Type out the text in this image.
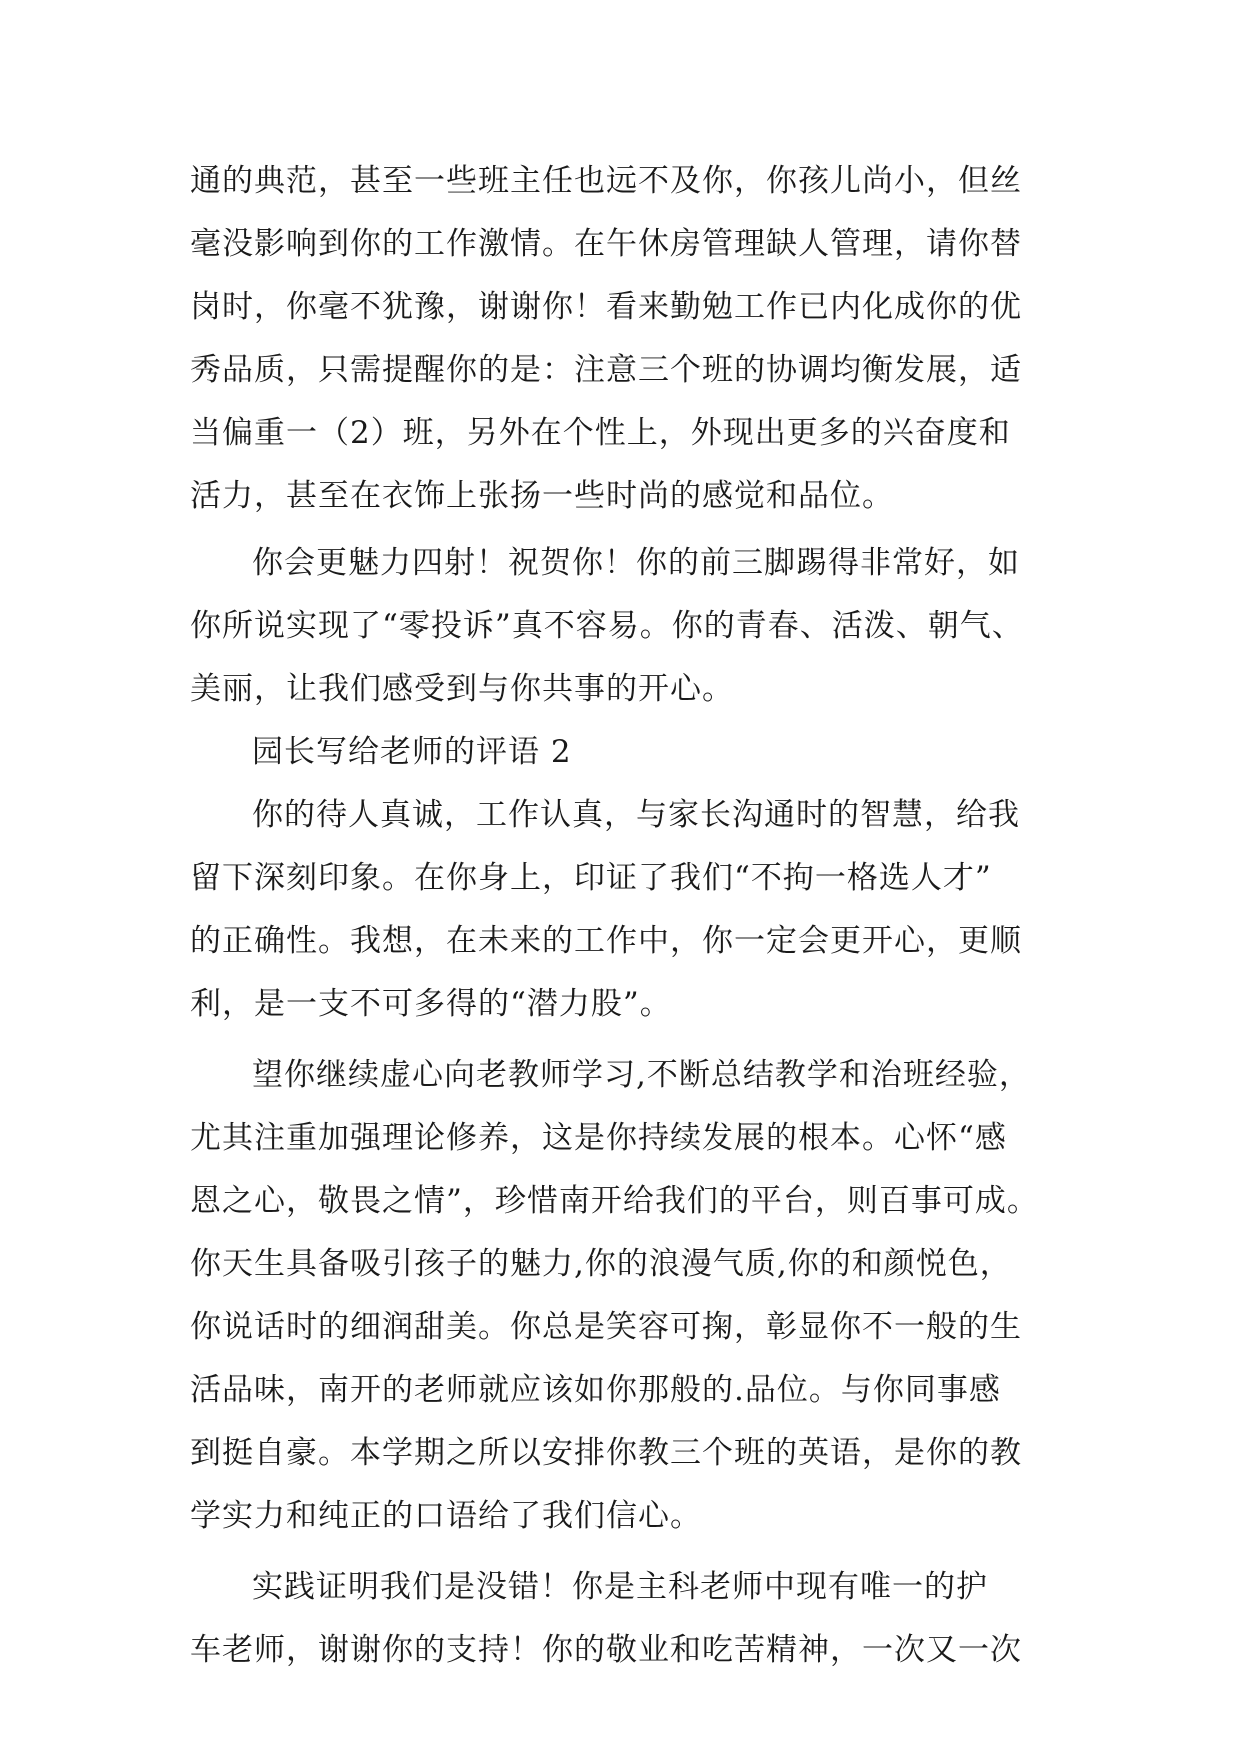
通的典范，甚至一些班主任也远不及你，你孩儿尚小，但丝
毫没影响到你的工作激情。在午休房管理缺人管理，请你替
岗时，你毫不犹豫，谢谢你！看来勤勉工作已内化成你的优
秀品质，只需提醒你的是：注意三个班的协调均衡发展，适
当偏重一（2）班，另外在个性上，外现出更多的兴奋度和
活力，甚至在衣饰上张扬一些时尚的感觉和品位。
你会更魅力四射！祝贺你！你的前三脚踢得非常好，如
你所说实现了“零投诉”真不容易。你的青春、活泼、朝气、
美丽，让我们感受到与你共事的开心。
园长写给老师的评语 2
你的待人真诚，工作认真，与家长沟通时的智慧，给我
留下深刻印象。在你身上，印证了我们“不拘一格选人才”
的正确性。我想，在未来的工作中，你一定会更开心，更顺
利，是一支不可多得的“潜力股”。
望你继续虚心向老教师学习,不断总结教学和治班经验，
尤其注重加强理论修养，这是你持续发展的根本。心怀“感
恩之心，敬畏之情”，珍惜南开给我们的平台，则百事可成。
你天生具备吸引孩子的魅力,你的浪漫气质,你的和颜悦色，
你说话时的细润甜美。你总是笑容可掬，彰显你不一般的生
活品味，南开的老师就应该如你那般的.品位。与你同事感
到挺自豪。本学期之所以安排你教三个班的英语，是你的教
学实力和纯正的口语给了我们信心。
实践证明我们是没错！你是主科老师中现有唯一的护
车老师，谢谢你的支持！你的敬业和吃苦精神，一次又一次
